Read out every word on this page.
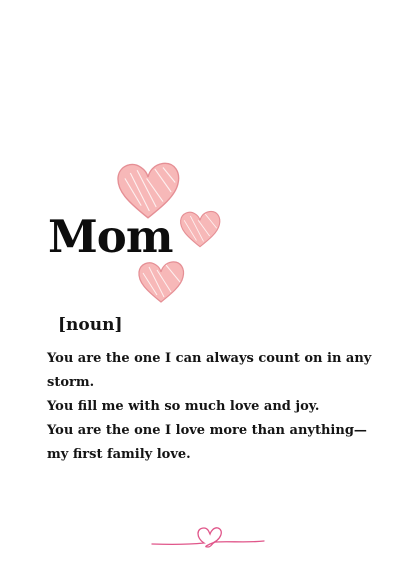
Mom

[noun]

You are the one I can always count on in any
storm.
You fill me with so much love and joy.
You are the one I love more than anything—
my first family love.
